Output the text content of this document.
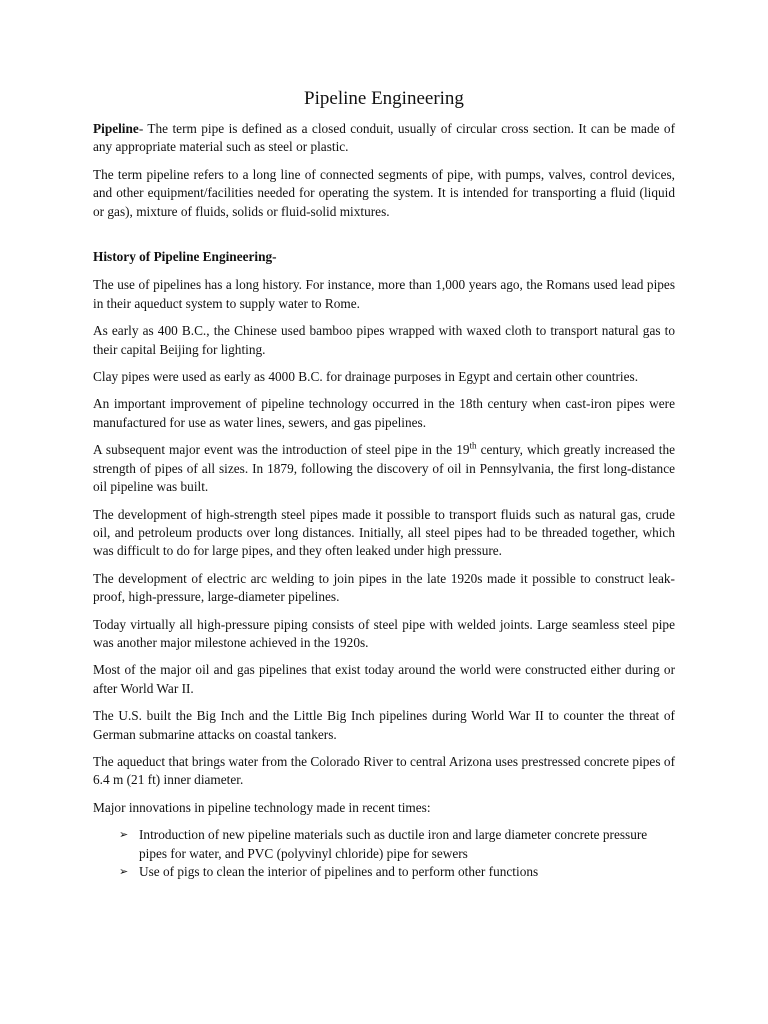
Pipeline Engineering

Pipeline- The term pipe is defined as a closed conduit, usually of circular cross section. It can be made of any appropriate material such as steel or plastic.

The term pipeline refers to a long line of connected segments of pipe, with pumps, valves, control devices, and other equipment/facilities needed for operating the system. It is intended for transporting a fluid (liquid or gas), mixture of fluids, solids or fluid-solid mixtures.

History of Pipeline Engineering-

The use of pipelines has a long history. For instance, more than 1,000 years ago, the Romans used lead pipes in their aqueduct system to supply water to Rome.

As early as 400 B.C., the Chinese used bamboo pipes wrapped with waxed cloth to transport natural gas to their capital Beijing for lighting.

Clay pipes were used as early as 4000 B.C. for drainage purposes in Egypt and certain other countries.

An important improvement of pipeline technology occurred in the 18th century when cast-iron pipes were manufactured for use as water lines, sewers, and gas pipelines.

A subsequent major event was the introduction of steel pipe in the 19th century, which greatly increased the strength of pipes of all sizes. In 1879, following the discovery of oil in Pennsylvania, the first long-distance oil pipeline was built.

The development of high-strength steel pipes made it possible to transport fluids such as natural gas, crude oil, and petroleum products over long distances. Initially, all steel pipes had to be threaded together, which was difficult to do for large pipes, and they often leaked under high pressure.

The development of electric arc welding to join pipes in the late 1920s made it possible to construct leak-proof, high-pressure, large-diameter pipelines.

Today virtually all high-pressure piping consists of steel pipe with welded joints. Large seamless steel pipe was another major milestone achieved in the 1920s.

Most of the major oil and gas pipelines that exist today around the world were constructed either during or after World War II.

The U.S. built the Big Inch and the Little Big Inch pipelines during World War II to counter the threat of German submarine attacks on coastal tankers.

The aqueduct that brings water from the Colorado River to central Arizona uses prestressed concrete pipes of 6.4 m (21 ft) inner diameter.

Major innovations in pipeline technology made in recent times:

➢ Introduction of new pipeline materials such as ductile iron and large diameter concrete pressure pipes for water, and PVC (polyvinyl chloride) pipe for sewers
➢ Use of pigs to clean the interior of pipelines and to perform other functions
